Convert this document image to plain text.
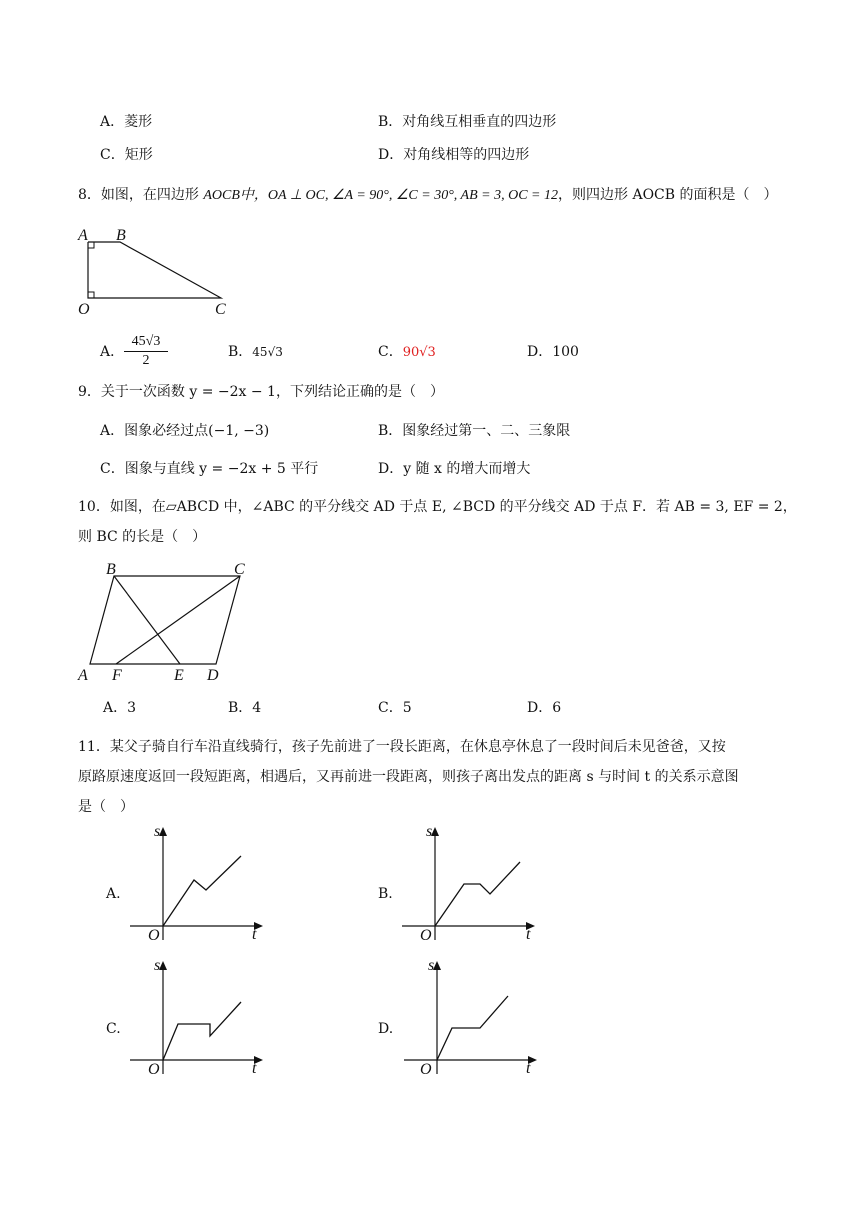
A．菱形	B．对角线互相垂直的四边形
C．矩形	D．对角线相等的四边形
8．如图，在四边形 AOCB中，OA ⊥ OC, ∠A = 90°, ∠C = 30°, AB = 3, OC = 12，则四边形 AOCB 的面积是（　）
A B
O	C
A． $\frac{45√3}{2}$	B．45√3	C．90√3	D．100
9．关于一次函数 y = −2x − 1，下列结论正确的是（　）
A．图象必经过点(−1, −3)	B．图象经过第一、二、三象限
C．图象与直线 y = −2x + 5 平行	D．y 随 x 的增大而增大
10．如图，在▱ABCD 中，∠ABC 的平分线交 AD 于点 E, ∠BCD 的平分线交 AD 于点 F．若 AB = 3, EF = 2，
则 BC 的长是（　）
B	C
A F	E D
A．3	B．4	C．5	D．6
11．某父子骑自行车沿直线骑行，孩子先前进了一段长距离，在休息亭休息了一段时间后未见爸爸，又按
原路原速度返回一段短距离，相遇后，又再前进一段距离，则孩子离出发点的距离 s 与时间 t 的关系示意图
是（　）
A.	B.
C.	D.
s
t
O
s
t
O
s
t
O
s
t
O
